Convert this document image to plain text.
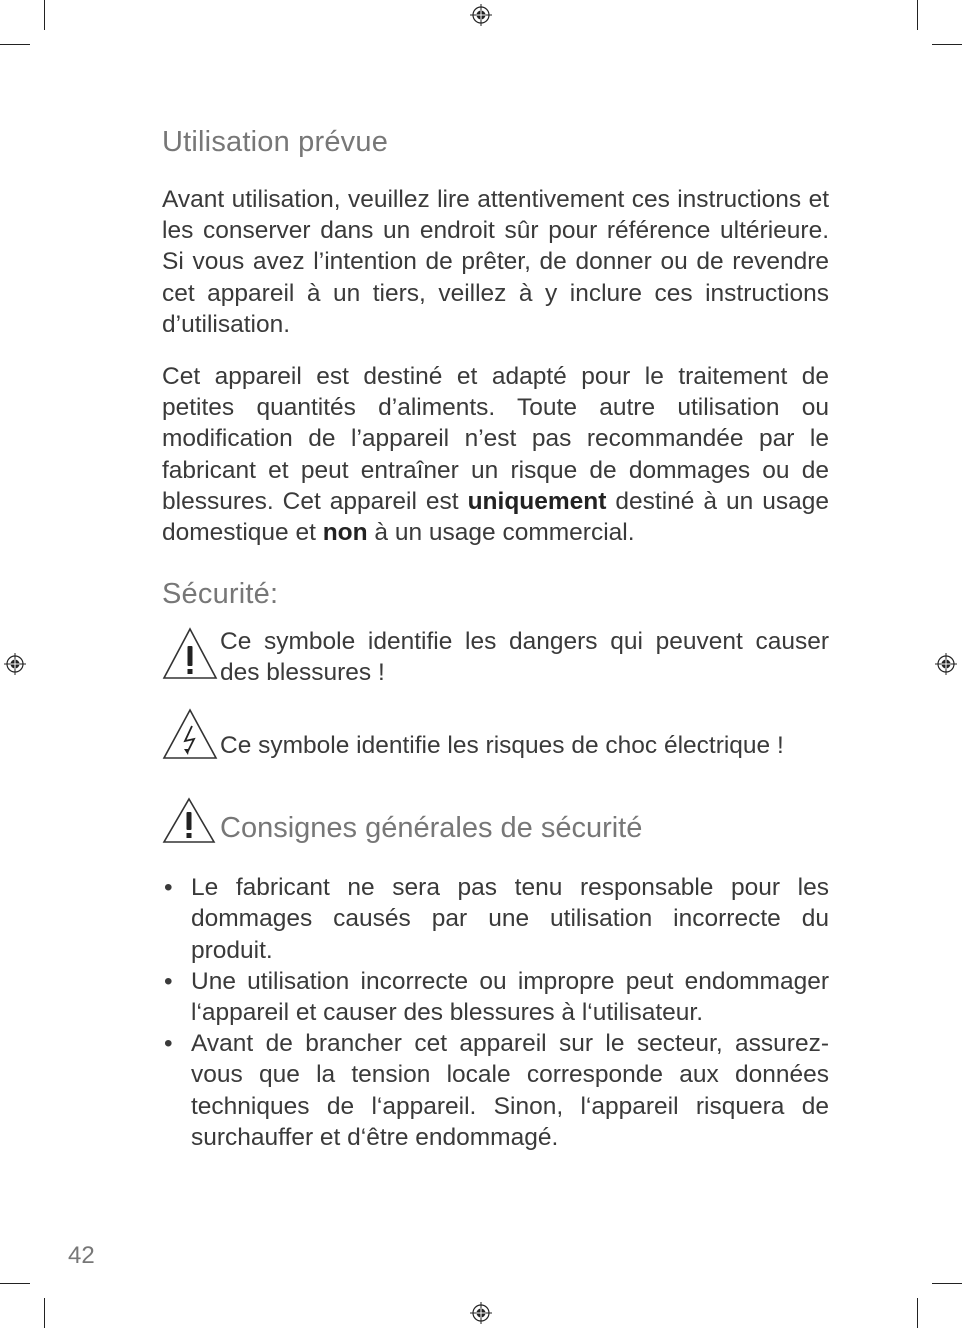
Utilisation prévue

Avant utilisation, veuillez lire attentivement ces instructions et les conserver dans un endroit sûr pour référence ultérieure. Si vous avez l’intention de prêter, de donner ou de revendre cet appareil à un tiers, veillez à y inclure ces instructions d’utilisation.

Cet appareil est destiné et adapté pour le traitement de petites quantités d’aliments. Toute autre utilisation ou modification de l’appareil n’est pas recommandée par le fabricant et peut entraîner un risque de dommages ou de blessures. Cet appareil est uniquement destiné à un usage domestique et non à un usage commercial.

Sécurité:

Ce symbole identifie les dangers qui peuvent causer des blessures !

Ce symbole identifie les risques de choc électrique !

Consignes générales de sécurité
• Le fabricant ne sera pas tenu responsable pour les dommages causés par une utilisation incorrecte du produit.
• Une utilisation incorrecte ou impropre peut endommager l‘appareil et causer des blessures à l‘utilisateur.
• Avant de brancher cet appareil sur le secteur, assurez-vous que la tension locale corresponde aux données techniques de l‘appareil. Sinon, l‘appareil risquera de surchauffer et d‘être endommagé.
42
